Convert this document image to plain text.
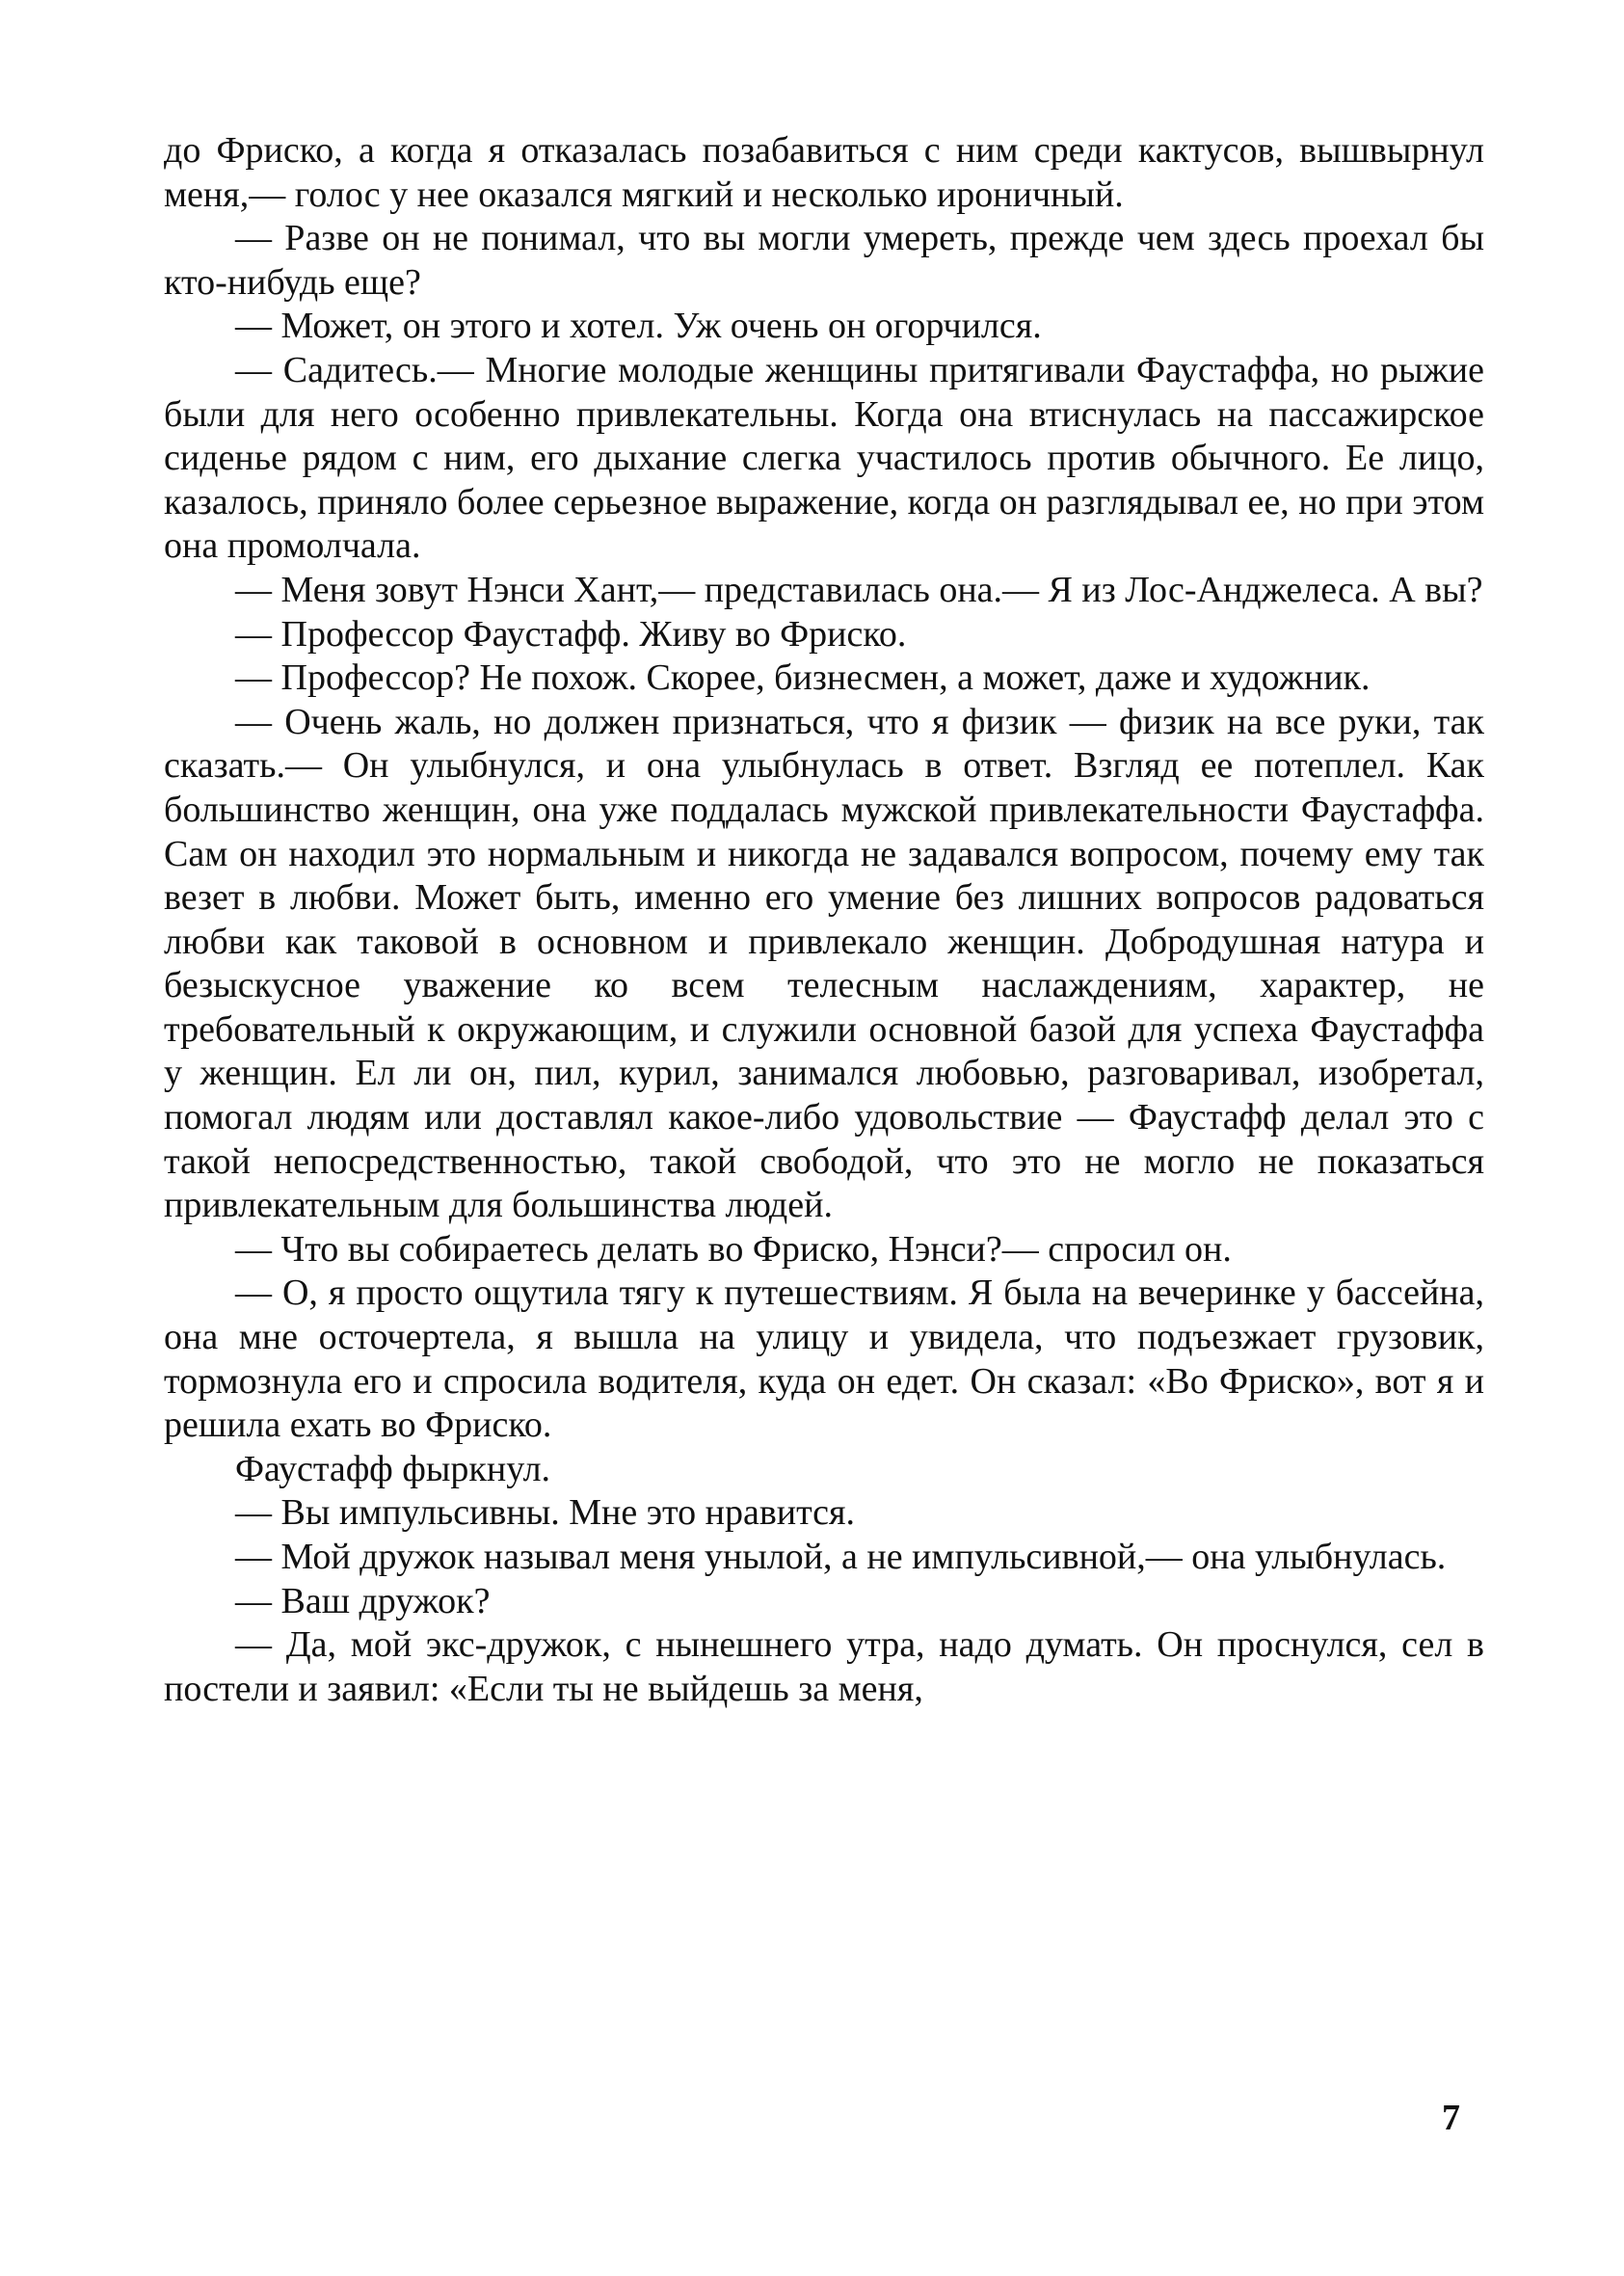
до Фриско, а когда я отказалась позабавиться с ним среди кактусов, вышвырнул меня,— голос у нее оказался мягкий и несколько ироничный.

— Разве он не понимал, что вы могли умереть, прежде чем здесь проехал бы кто-нибудь еще?

— Может, он этого и хотел. Уж очень он огорчился.

— Садитесь.— Многие молодые женщины притягивали Фаустаффа, но рыжие были для него особенно привлекательны. Когда она втиснулась на пассажирское сиденье рядом с ним, его дыхание слегка участилось против обычного. Ее лицо, казалось, приняло более серьезное выражение, когда он разглядывал ее, но при этом она промолчала.

— Меня зовут Нэнси Хант,— представилась она.— Я из Лос-Анджелеса. А вы?

— Профессор Фаустафф. Живу во Фриско.

— Профессор? Не похож. Скорее, бизнесмен, а может, даже и художник.

— Очень жаль, но должен признаться, что я физик — физик на все руки, так сказать.— Он улыбнулся, и она улыбнулась в ответ. Взгляд ее потеплел. Как большинство женщин, она уже поддалась мужской привлекательности Фаустаффа. Сам он находил это нормальным и никогда не задавался вопросом, почему ему так везет в любви. Может быть, именно его умение без лишних вопросов радоваться любви как таковой в основном и привлекало женщин. Добродушная натура и безыскусное уважение ко всем телесным наслаждениям, характер, не требовательный к окружающим, и служили основной базой для успеха Фаустаффа у женщин. Ел ли он, пил, курил, занимался любовью, разговаривал, изобретал, помогал людям или доставлял какое-либо удовольствие — Фаустафф делал это с такой непосредственностью, такой свободой, что это не могло не показаться привлекательным для большинства людей.

— Что вы собираетесь делать во Фриско, Нэнси?— спросил он.

— О, я просто ощутила тягу к путешествиям. Я была на вечеринке у бассейна, она мне осточертела, я вышла на улицу и увидела, что подъезжает грузовик, тормознула его и спросила водителя, куда он едет. Он сказал: «Во Фриско», вот я и решила ехать во Фриско.

Фаустафф фыркнул.

— Вы импульсивны. Мне это нравится.

— Мой дружок называл меня унылой, а не импульсивной,— она улыбнулась.

— Ваш дружок?

— Да, мой экс-дружок, с нынешнего утра, надо думать. Он проснулся, сел в постели и заявил: «Если ты не выйдешь за меня,

7
